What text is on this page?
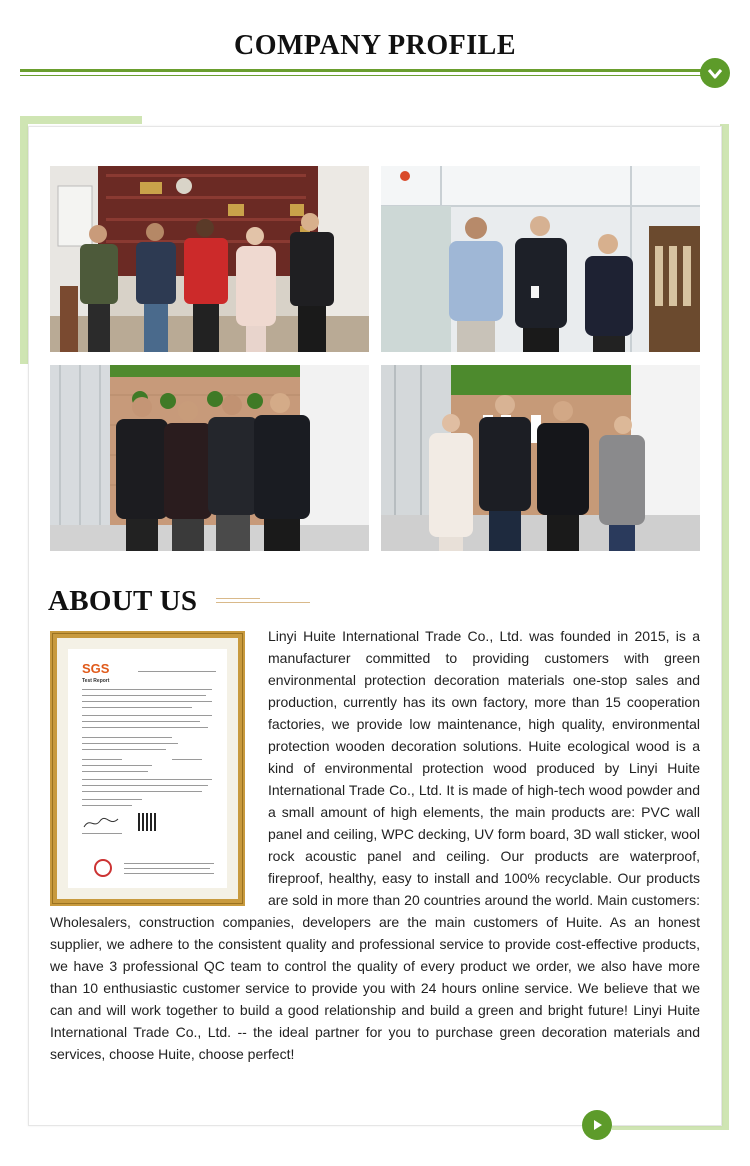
COMPANY PROFILE
ABOUT US
Linyi Huite International Trade Co., Ltd. was founded in 2015, is a manufacturer committed to providing customers with green environmental protection decoration materials one-stop sales and production, currently has its own factory, more than 15 cooperation factories, we provide low maintenance, high quality, environmental protection wooden decoration solutions. Huite ecological wood is a kind of environmental protection wood produced by Linyi Huite International Trade Co., Ltd. It is made of high-tech wood powder and a small amount of high elements, the main products are: PVC wall panel and ceiling, WPC decking, UV form board, 3D wall sticker, wool rock acoustic panel and ceiling. Our products are waterproof, fireproof, healthy, easy to install and 100% recyclable. Our products are sold in more than 20 countries around the world. Main customers: Wholesalers, construction companies, developers are the main customers of Huite. As an honest supplier, we adhere to the consistent quality and professional service to provide cost-effective products, we have 3 professional QC team to control the quality of every product we order, we also have more than 10 enthusiastic customer service to provide you with 24 hours online service. We believe that we can and will work together to build a good relationship and build a green and bright future! Linyi Huite International Trade Co., Ltd. -- the ideal partner for you to purchase green decoration materials and services, choose Huite, choose perfect!
SGS
Test Report
